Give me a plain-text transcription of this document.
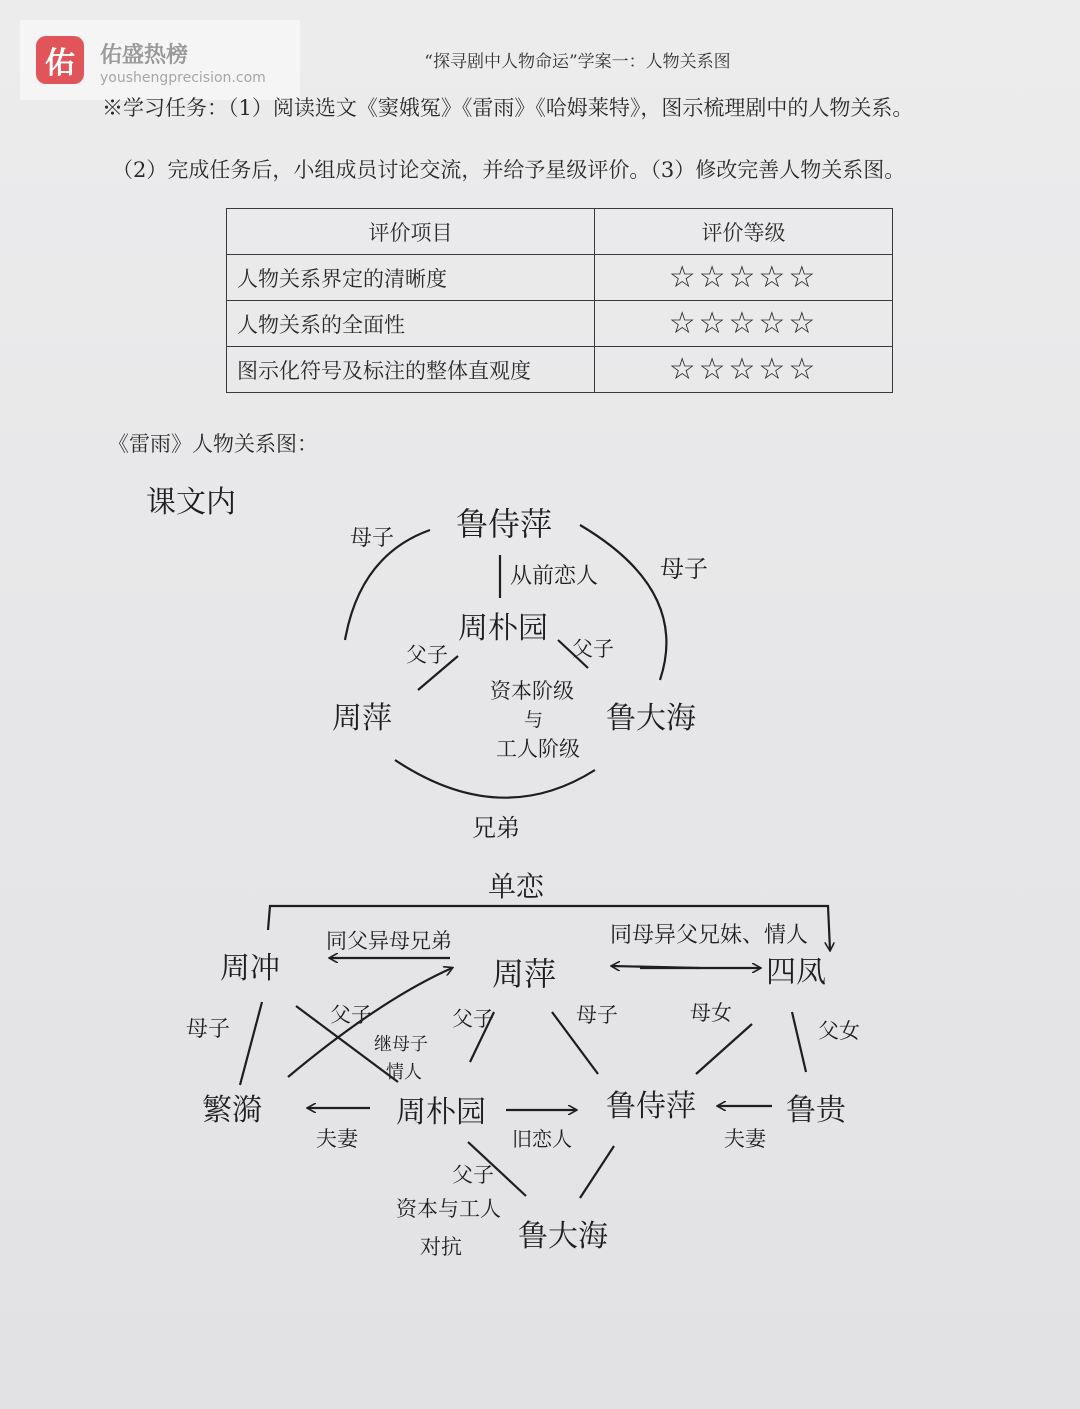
佑	佑盛热榜
youshengprecision.com
“探寻剧中人物命运”学案一：人物关系图
※学习任务：（1）阅读选文《窦娥冤》《雷雨》《哈姆莱特》，图示梳理剧中的人物关系。
（2）完成任务后，小组成员讨论交流，并给予星级评价。（3）修改完善人物关系图。
评价项目	评价等级
人物关系界定的清晰度	☆☆☆☆☆
人物关系的全面性	☆☆☆☆☆
图示化符号及标注的整体直观度	☆☆☆☆☆
《雷雨》人物关系图：
课文内
鲁侍萍
从前恋人
母子
母子
周朴园
父子	父子
资本阶级
与
工人阶级
周萍	鲁大海
兄弟
单恋
周冲
同父异母兄弟
周萍
同母异父兄妹、情人
四凤
母子
父子
继母子
情人
父子	母子	母女
父女
繁漪
夫妻
周朴园
旧恋人
鲁侍萍
夫妻
鲁贵
父子
资本与工人
对抗 鲁大海
